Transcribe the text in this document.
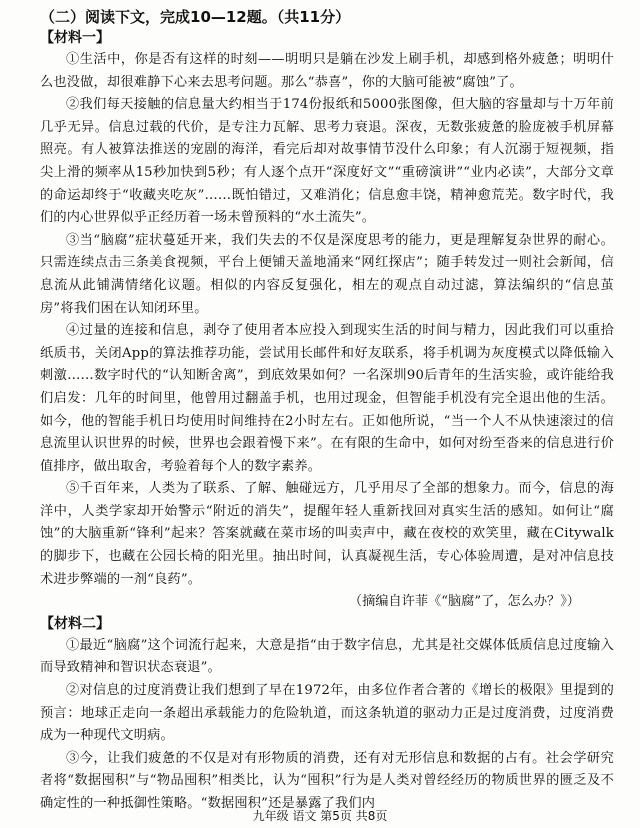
（二）阅读下文，完成10—12题。（共11分）

【材料一】

①生活中，你是否有这样的时刻——明明只是躺在沙发上刷手机，却感到格外疲惫；明明什么也没做，却很难静下心来去思考问题。那么“恭喜”，你的大脑可能被“腐蚀”了。

②我们每天接触的信息量大约相当于174份报纸和5000张图像，但大脑的容量却与十万年前几乎无异。信息过载的代价，是专注力瓦解、思考力衰退。深夜，无数张疲惫的脸庞被手机屏幕照亮。有人被算法推送的宠剧的海洋，看完后却对故事情节没什么印象；有人沉溺于短视频，指尖上滑的频率从15秒加快到5秒；有人逐个点开“深度好文”“重磅演讲”“业内必读”，大部分文章的命运却终于“收藏夹吃灰”……既怕错过，又难消化；信息愈丰饶，精神愈荒芜。数字时代，我们的内心世界似乎正经历着一场未曾预料的“水土流失”。

③当“脑腐”症状蔓延开来，我们失去的不仅是深度思考的能力，更是理解复杂世界的耐心。只需连续点击三条美食视频，平台上便铺天盖地涌来“网红探店”；随手转发过一则社会新闻，信息流从此铺满情绪化议题。相似的内容反复强化，相左的观点自动过滤，算法编织的“信息茧房”将我们困在认知闭环里。

④过量的连接和信息，剥夺了使用者本应投入到现实生活的时间与精力，因此我们可以重拾纸质书，关闭App的算法推荐功能，尝试用长邮件和好友联系，将手机调为灰度模式以降低输入刺激……数字时代的“认知断舍离”，到底效果如何？一名深圳90后青年的生活实验，或许能给我们启发：几年的时间里，他曾用过翻盖手机，也用过现金，但智能手机没有完全退出他的生活。如今，他的智能手机日均使用时间维持在2小时左右。正如他所说，“当一个人不从快速滚过的信息流里认识世界的时候，世界也会跟着慢下来”。在有限的生命中，如何对纷至沓来的信息进行价值排序，做出取舍，考验着每个人的数字素养。

⑤千百年来，人类为了联系、了解、触碰远方，几乎用尽了全部的想象力。而今，信息的海洋中，人类学家却开始警示“附近的消失”，提醒年轻人重新找回对真实生活的感知。如何让“腐蚀”的大脑重新“锋利”起来？答案就藏在菜市场的叫卖声中，藏在夜校的欢笑里，藏在Citywalk的脚步下，也藏在公园长椅的阳光里。抽出时间，认真凝视生活，专心体验周遭，是对冲信息技术进步弊端的一剂“良药”。

（摘编自许菲《“脑腐”了，怎么办？》）

【材料二】

①最近“脑腐”这个词流行起来，大意是指“由于数字信息，尤其是社交媒体低质信息过度输入而导致精神和智识状态衰退”。

②对信息的过度消费让我们想到了早在1972年，由多位作者合著的《增长的极限》里提到的预言：地球正走向一条超出承载能力的危险轨道，而这条轨道的驱动力正是过度消费，过度消费成为一种现代文明病。

③今，让我们疲惫的不仅是对有形物质的消费，还有对无形信息和数据的占有。社会学研究者将“数据囤积”与“物品囤积”相类比，认为“囤积”行为是人类对曾经经历的物质世界的匮乏及不确定性的一种抵御性策略。“数据囤积”还是暴露了我们内

九年级 语文 第5页 共8页
